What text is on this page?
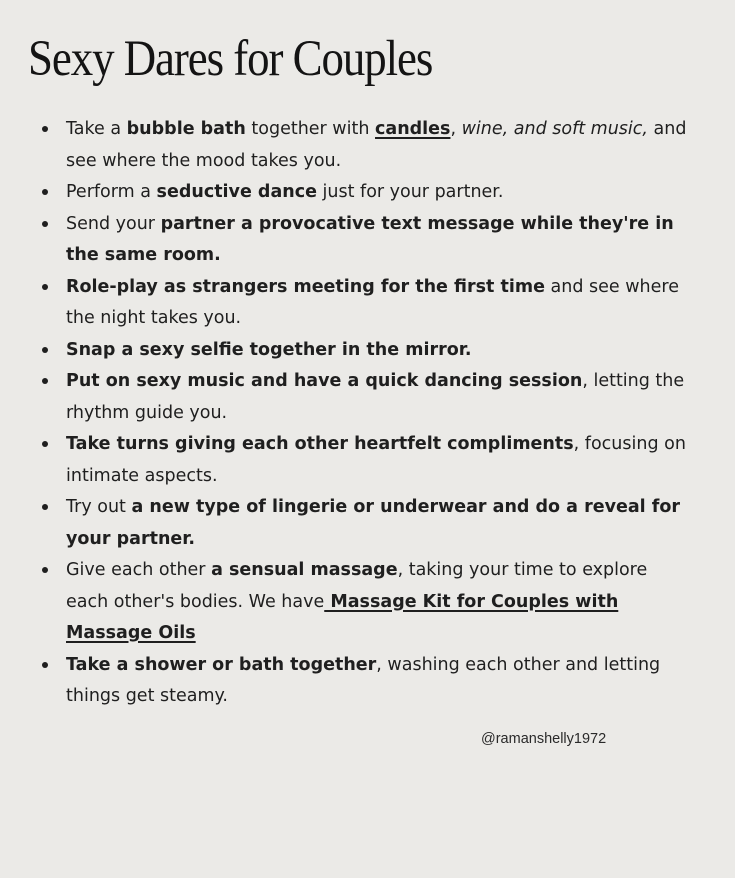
Sexy Dares for Couples
Take a bubble bath together with candles, wine, and soft music, and see where the mood takes you.
Perform a seductive dance just for your partner.
Send your partner a provocative text message while they're in the same room.
Role-play as strangers meeting for the first time and see where the night takes you.
Snap a sexy selfie together in the mirror.
Put on sexy music and have a quick dancing session, letting the rhythm guide you.
Take turns giving each other heartfelt compliments, focusing on intimate aspects.
Try out a new type of lingerie or underwear and do a reveal for your partner.
Give each other a sensual massage, taking your time to explore each other's bodies. We have Massage Kit for Couples with Massage Oils
Take a shower or bath together, washing each other and letting things get steamy.
@ramanshelly1972
